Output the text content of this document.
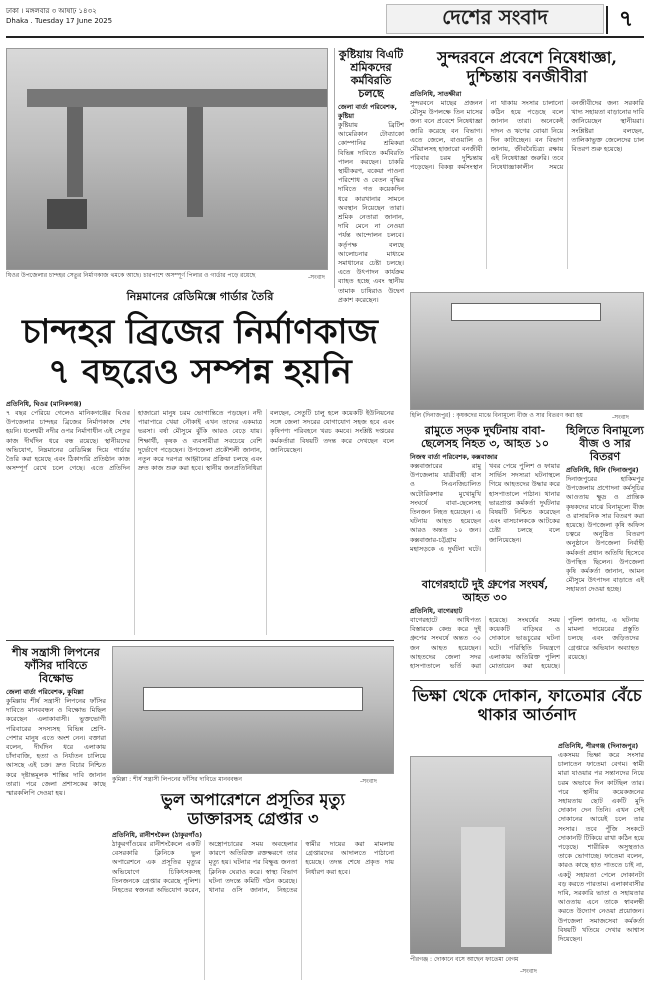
ঢাকা । মঙ্গলবার ৩ আষাঢ় ১৪৩২
Dhaka . Tuesday 17 June 2025	দেশের সংবাদ	৭
ঘিওর উপজেলার চান্দহর সেতুর নির্মাণকাজ থমকে আছে। চারপাশে অসম্পূর্ণ পিলার ও গার্ডার পড়ে রয়েছে	-সংবাদ
নিম্নমানের রেডিমিক্সে গার্ডার তৈরি
চান্দহর ব্রিজের নির্মাণকাজ
৭ বছরেও সম্পন্ন হয়নি
প্রতিনিধি, ঘিওর (মানিকগঞ্জ)
৭ বছর পেরিয়ে গেলেও মানিকগঞ্জের ঘিওর উপজেলার চান্দহর ব্রিজের নির্মাণকাজ শেষ হয়নি। ধলেশ্বরী নদীর ওপর নির্মাণাধীন এই সেতুর কাজ দীর্ঘদিন ধরে বন্ধ রয়েছে। স্থানীয়দের অভিযোগ, নিম্নমানের রেডিমিক্স দিয়ে গার্ডার তৈরি করা হয়েছে এবং ঠিকাদারি প্রতিষ্ঠান কাজ অসম্পূর্ণ রেখে চলে গেছে। এতে প্রতিদিন হাজারো মানুষ চরম ভোগান্তিতে পড়ছেন। নদী পারাপারে খেয়া নৌকাই এখন তাদের একমাত্র ভরসা। বর্ষা মৌসুমে ঝুঁকি আরও বেড়ে যায়। শিক্ষার্থী, কৃষক ও ব্যবসায়ীরা সবচেয়ে বেশি দুর্ভোগে পড়েছেন। উপজেলা প্রকৌশলী জানান, নতুন করে দরপত্র আহ্বানের প্রক্রিয়া চলছে এবং দ্রুত কাজ শুরু করা হবে। স্থানীয় জনপ্রতিনিধিরা বলছেন, সেতুটি চালু হলে কয়েকটি ইউনিয়নের সঙ্গে জেলা সদরের যোগাযোগ সহজ হবে এবং কৃষিপণ্য পরিবহনে খরচ কমবে। সংশ্লিষ্ট দপ্তরের কর্মকর্তারা বিষয়টি তদন্ত করে দেখছেন বলে জানিয়েছেন।
কুষ্টিয়ায় বিএটি শ্রমিকদের কর্মবিরতি চলছে
জেলা বার্তা পরিবেশক, কুষ্টিয়া
কুষ্টিয়ায় ব্রিটিশ আমেরিকান টোব্যাকো কোম্পানির শ্রমিকরা বিভিন্ন দাবিতে কর্মবিরতি পালন করছেন। চাকরি স্থায়ীকরণ, বকেয়া পাওনা পরিশোধ ও বেতন বৃদ্ধির দাবিতে গত কয়েকদিন ধরে কারখানার সামনে অবস্থান নিয়েছেন তারা। শ্রমিক নেতারা জানান, দাবি মেনে না নেওয়া পর্যন্ত আন্দোলন চলবে। কর্তৃপক্ষ বলছে আলোচনার মাধ্যমে সমাধানের চেষ্টা চলছে। এতে উৎপাদন কার্যক্রম ব্যাহত হচ্ছে এবং স্থানীয় তামাক চাষিরাও উদ্বেগ প্রকাশ করেছেন।
সুন্দরবনে প্রবেশে নিষেধাজ্ঞা, দুশ্চিন্তায় বনজীবীরা
প্রতিনিধি, সাতক্ষীরা
সুন্দরবনে মাছের প্রজনন মৌসুম উপলক্ষে তিন মাসের জন্য বনে প্রবেশে নিষেধাজ্ঞা জারি করেছে বন বিভাগ। এতে জেলে, বাওয়ালি ও মৌয়ালসহ হাজারো বনজীবী পরিবার চরম দুশ্চিন্তায় পড়েছেন। বিকল্প কর্মসংস্থান না থাকায় সংসার চালানো কঠিন হয়ে পড়েছে বলে জানান তারা। অনেকেই দাদন ও ঋণের বোঝা নিয়ে দিন কাটাচ্ছেন। বন বিভাগ জানায়, জীববৈচিত্র্য রক্ষায় এই নিষেধাজ্ঞা জরুরি। তবে নিষেধাজ্ঞাকালীন সময়ে বনজীবীদের জন্য সরকারি খাদ্য সহায়তা বাড়ানোর দাবি জানিয়েছেন স্থানীয়রা। সংশ্লিষ্টরা বলছেন, তালিকাভুক্ত জেলেদের চাল বিতরণ শুরু হয়েছে।
হিলি (দিনাজপুর) : কৃষকদের মাঝে বিনামূল্যে বীজ ও সার বিতরণ করা হয়	-সংবাদ
হিলিতে বিনামূল্যে বীজ ও সার বিতরণ
প্রতিনিধি, হিলি (দিনাজপুর)
দিনাজপুরের হাকিমপুর উপজেলায় প্রণোদনা কর্মসূচির আওতায় ক্ষুদ্র ও প্রান্তিক কৃষকদের মাঝে বিনামূল্যে বীজ ও রাসায়নিক সার বিতরণ করা হয়েছে। উপজেলা কৃষি অফিস চত্বরে অনুষ্ঠিত বিতরণ অনুষ্ঠানে উপজেলা নির্বাহী কর্মকর্তা প্রধান অতিথি হিসেবে উপস্থিত ছিলেন। উপজেলা কৃষি কর্মকর্তা জানান, আমন মৌসুমে উৎপাদন বাড়াতে এই সহায়তা দেওয়া হচ্ছে।
রামুতে সড়ক দুর্ঘটনায় বাবা-ছেলেসহ নিহত ৩, আহত ১০
নিজস্ব বার্তা পরিবেশক, কক্সবাজার
কক্সবাজারের রামু উপজেলায় যাত্রীবাহী বাস ও সিএনজিচালিত অটোরিকশার মুখোমুখি সংঘর্ষে বাবা-ছেলেসহ তিনজন নিহত হয়েছেন। এ ঘটনায় আহত হয়েছেন আরও অন্তত ১০ জন। কক্সবাজার-চট্টগ্রাম মহাসড়কে এ দুর্ঘটনা ঘটে। খবর পেয়ে পুলিশ ও ফায়ার সার্ভিস সদস্যরা ঘটনাস্থলে গিয়ে আহতদের উদ্ধার করে হাসপাতালে পাঠান। থানার ভারপ্রাপ্ত কর্মকর্তা দুর্ঘটনার বিষয়টি নিশ্চিত করেছেন এবং বাসচালককে আটকের চেষ্টা চলছে বলে জানিয়েছেন।
বাগেরহাটে দুই গ্রুপের সংঘর্ষ, আহত ৩০
প্রতিনিধি, বাগেরহাট
বাগেরহাটে আধিপত্য বিস্তারকে কেন্দ্র করে দুই গ্রুপের সংঘর্ষে অন্তত ৩০ জন আহত হয়েছেন। আহতদের জেলা সদর হাসপাতালে ভর্তি করা হয়েছে। সংঘর্ষের সময় কয়েকটি বাড়িঘর ও দোকানে ভাঙচুরের ঘটনা ঘটে। পরিস্থিতি নিয়ন্ত্রণে এলাকায় অতিরিক্ত পুলিশ মোতায়েন করা হয়েছে। পুলিশ জানায়, এ ঘটনায় মামলা দায়েরের প্রস্তুতি চলছে এবং জড়িতদের গ্রেপ্তারে অভিযান অব্যাহত রয়েছে।
শীষ সন্ত্রাসী লিপনের ফাঁসির দাবিতে বিক্ষোভ
জেলা বার্তা পরিবেশক, কুমিল্লা
কুমিল্লায় শীর্ষ সন্ত্রাসী লিপনের ফাঁসির দাবিতে মানববন্ধন ও বিক্ষোভ মিছিল করেছেন এলাকাবাসী। ভুক্তভোগী পরিবারের সদস্যসহ বিভিন্ন শ্রেণি-পেশার মানুষ এতে অংশ নেন। বক্তারা বলেন, দীর্ঘদিন ধরে এলাকায় চাঁদাবাজি, হত্যা ও নির্যাতন চালিয়ে আসছে এই চক্র। দ্রুত বিচার নিশ্চিত করে দৃষ্টান্তমূলক শাস্তির দাবি জানান তারা। পরে জেলা প্রশাসকের কাছে স্মারকলিপি দেওয়া হয়।
কুমিল্লা : শীর্ষ সন্ত্রাসী লিপনের ফাঁসির দাবিতে মানববন্ধন	-সংবাদ
ভুল অপারেশনে প্রসূতির মৃত্যু
ডাক্তারসহ গ্রেপ্তার ৩
প্রতিনিধি, রানীশংকৈল (ঠাকুরগাঁও)
ঠাকুরগাঁওয়ের রানীশংকৈলে একটি বেসরকারি ক্লিনিকে ভুল অপারেশনে এক প্রসূতির মৃত্যুর অভিযোগে চিকিৎসকসহ তিনজনকে গ্রেপ্তার করেছে পুলিশ। নিহতের স্বজনরা অভিযোগ করেন, অস্ত্রোপচারের সময় অবহেলার কারণে অতিরিক্ত রক্তক্ষরণে তার মৃত্যু হয়। ঘটনার পর বিক্ষুব্ধ জনতা ক্লিনিক ঘেরাও করে। স্বাস্থ্য বিভাগ ঘটনা তদন্তে কমিটি গঠন করেছে। থানার ওসি জানান, নিহতের স্বামীর দায়ের করা মামলায় গ্রেপ্তারদের আদালতে পাঠানো হয়েছে। তদন্ত শেষে প্রকৃত দায় নির্ধারণ করা হবে।
ভিক্ষা থেকে দোকান, ফাতেমার বেঁচে থাকার আর্তনাদ
পীরগঞ্জ : দোকানে বসে আছেন ফাতেমা বেগম
-সংবাদ
প্রতিনিধি, পীরগঞ্জ (দিনাজপুর)
একসময় ভিক্ষা করে সংসার চালাতেন ফাতেমা বেগম। স্বামী মারা যাওয়ার পর সন্তানদের নিয়ে চরম অভাবে দিন কাটছিল তার। পরে স্থানীয় কয়েকজনের সহায়তায় ছোট একটি মুদি দোকান দেন তিনি। এখন সেই দোকানের আয়েই চলে তার সংসার। তবে পুঁজি সংকটে দোকানটি টিকিয়ে রাখা কঠিন হয়ে পড়েছে। শারীরিক অসুস্থতাও তাকে ভোগাচ্ছে। ফাতেমা বলেন, কারও কাছে হাত পাততে চাই না, একটু সহায়তা পেলে দোকানটা বড় করতে পারতাম। এলাকাবাসীর দাবি, সরকারি ভাতা ও সহায়তার আওতায় এনে তাকে স্বাবলম্বী করতে উদ্যোগ নেওয়া প্রয়োজন। উপজেলা সমাজসেবা কর্মকর্তা বিষয়টি খতিয়ে দেখার আশ্বাস দিয়েছেন।
